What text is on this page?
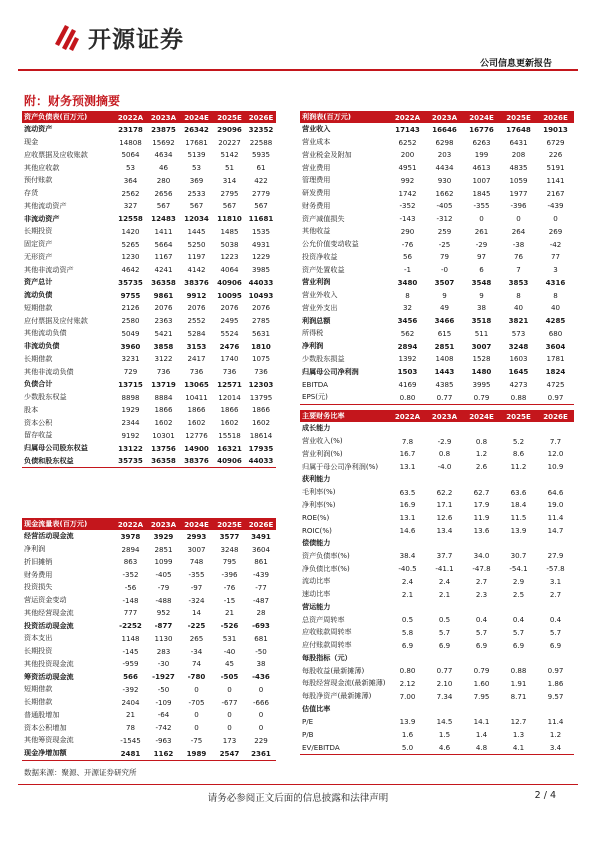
开源证券
公司信息更新报告
附：财务预测摘要
资产负债表(百万元)	2022A	2023A	2024E	2025E	2026E
流动资产	23178	23875	26342	29096	32352
现金	14808	15692	17681	20227	22588
应收票据及应收账款	5064	4634	5139	5142	5935
其他应收款	53	46	53	51	61
预付账款	364	280	369	314	422
存货	2562	2656	2533	2795	2779
其他流动资产	327	567	567	567	567
非流动资产	12558	12483	12034	11810	11681
长期投资	1420	1411	1445	1485	1535
固定资产	5265	5664	5250	5038	4931
无形资产	1230	1167	1197	1223	1229
其他非流动资产	4642	4241	4142	4064	3985
资产总计	35735	36358	38376	40906	44033
流动负债	9755	9861	9912	10095	10493
短期借款	2126	2076	2076	2076	2076
应付票据及应付账款	2580	2363	2552	2495	2785
其他流动负债	5049	5421	5284	5524	5631
非流动负债	3960	3858	3153	2476	1810
长期借款	3231	3122	2417	1740	1075
其他非流动负债	729	736	736	736	736
负债合计	13715	13719	13065	12571	12303
少数股东权益	8898	8884	10411	12014	13795
股本	1929	1866	1866	1866	1866
资本公积	2344	1602	1602	1602	1602
留存收益	9192	10301	12776	15518	18614
归属母公司股东权益	13122	13756	14900	16321	17935
负债和股东权益	35735	36358	38376	40906	44033
利润表(百万元)	2022A	2023A	2024E	2025E	2026E
营业收入	17143	16646	16776	17648	19013
营业成本	6252	6298	6263	6431	6729
营业税金及附加	200	203	199	208	226
营业费用	4951	4434	4613	4835	5191
管理费用	992	930	1007	1059	1141
研发费用	1742	1662	1845	1977	2167
财务费用	-352	-405	-355	-396	-439
资产减值损失	-143	-312	0	0	0
其他收益	290	259	261	264	269
公允价值变动收益	-76	-25	-29	-38	-42
投资净收益	56	79	97	76	77
资产处置收益	-1	-0	6	7	3
营业利润	3480	3507	3548	3853	4316
营业外收入	8	9	9	8	8
营业外支出	32	49	38	40	40
利润总额	3456	3466	3518	3821	4285
所得税	562	615	511	573	680
净利润	2894	2851	3007	3248	3604
少数股东损益	1392	1408	1528	1603	1781
归属母公司净利润	1503	1443	1480	1645	1824
EBITDA	4169	4385	3995	4273	4725
EPS(元)	0.80	0.77	0.79	0.88	0.97
主要财务比率	2022A	2023A	2024E	2025E	2026E
成长能力					
营业收入(%)	7.8	-2.9	0.8	5.2	7.7
营业利润(%)	16.7	0.8	1.2	8.6	12.0
归属于母公司净利润(%)	13.1	-4.0	2.6	11.2	10.9
获利能力					
毛利率(%)	63.5	62.2	62.7	63.6	64.6
净利率(%)	16.9	17.1	17.9	18.4	19.0
ROE(%)	13.1	12.6	11.9	11.5	11.4
ROIC(%)	14.6	13.4	13.6	13.9	14.7
偿债能力					
资产负债率(%)	38.4	37.7	34.0	30.7	27.9
净负债比率(%)	-40.5	-41.1	-47.8	-54.1	-57.8
流动比率	2.4	2.4	2.7	2.9	3.1
速动比率	2.1	2.1	2.3	2.5	2.7
营运能力					
总资产周转率	0.5	0.5	0.4	0.4	0.4
应收账款周转率	5.8	5.7	5.7	5.7	5.7
应付账款周转率	6.9	6.9	6.9	6.9	6.9
每股指标（元）					
每股收益(最新摊薄)	0.80	0.77	0.79	0.88	0.97
每股经营现金流(最新摊薄)	2.12	2.10	1.60	1.91	1.86
每股净资产(最新摊薄)	7.00	7.34	7.95	8.71	9.57
估值比率					
P/E	13.9	14.5	14.1	12.7	11.4
P/B	1.6	1.5	1.4	1.3	1.2
EV/EBITDA	5.0	4.6	4.8	4.1	3.4
现金流量表(百万元)	2022A	2023A	2024E	2025E	2026E
经营活动现金流	3978	3929	2993	3577	3491
净利润	2894	2851	3007	3248	3604
折旧摊销	863	1099	748	795	861
财务费用	-352	-405	-355	-396	-439
投资损失	-56	-79	-97	-76	-77
营运资金变动	-148	-488	-324	-15	-487
其他经营现金流	777	952	14	21	28
投资活动现金流	-2252	-877	-225	-526	-693
资本支出	1148	1130	265	531	681
长期投资	-145	283	-34	-40	-50
其他投资现金流	-959	-30	74	45	38
筹资活动现金流	566	-1927	-780	-505	-436
短期借款	-392	-50	0	0	0
长期借款	2404	-109	-705	-677	-666
普通股增加	21	-64	0	0	0
资本公积增加	78	-742	0	0	0
其他筹资现金流	-1545	-963	-75	173	229
现金净增加额	2481	1162	1989	2547	2361
数据来源：聚源、开源证券研究所
请务必参阅正文后面的信息披露和法律声明	2 / 4
